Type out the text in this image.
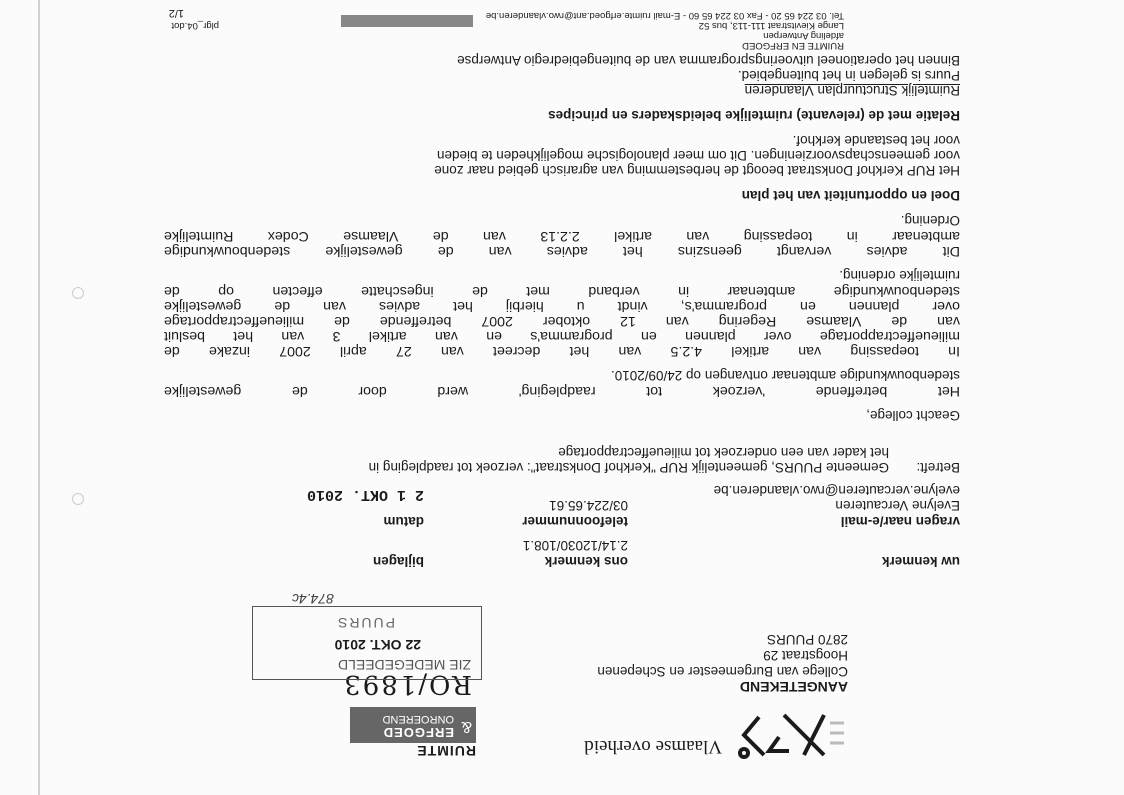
Vlaamse overheid
RUIMTE
&
ERFGOED
ONROEREND
RO/1893
ZIE MEDEGEDEELD
22 OKT. 2010
PUURS
874.4c
AANGETEKEND
College van Burgemeester en Schepenen
Hoogstraat 29
2870 PUURS
uw kenmerk
ons kenmerk
bijlagen
2.14/12030/108.1
vragen naar/e-mail
telefoonnummer
datum
Evelyne Vercauteren
03/224.65.61
evelyne.vercauteren@rwo.vlaanderen.be
2 1 OKT. 2010
Betreft:
Gemeente PUURS, gemeentelijk RUP "Kerkhof Donkstraat": verzoek tot raadpleging in
het kader van een onderzoek tot milieueffectrapportage
Geacht college,
Het betreffende 'verzoek tot raadpleging' werd door de gewestelijke
stedenbouwkundige ambtenaar ontvangen op 24/09/2010.
In toepassing van artikel 4.2.5 van het decreet van 27 april 2007 inzake de
milieueffectrapportage over plannen en programma's en van artikel 3 van het besluit
van de Vlaamse Regering van 12 oktober 2007 betreffende de milieueffectrapportage
over plannen en programma's, vindt u hierbij het advies van de gewestelijke
stedenbouwkundige ambtenaar in verband met de ingeschatte effecten op de
ruimtelijke ordening.
Dit advies vervangt geenszins het advies van de gewestelijke stedenbouwkundige
ambtenaar in toepassing van artikel 2.2.13 van de Vlaamse Codex Ruimtelijke
Ordening.
Doel en opportuniteit van het plan
Het RUP Kerkhof Donkstraat beoogt de herbestemming van agrarisch gebied naar zone
voor gemeenschapsvoorzieningen. Dit om meer planologische mogelijkheden te bieden
voor het bestaande kerkhof.
Relatie met de (relevante) ruimtelijke beleidskaders en principes
Ruimtelijk Structuurplan Vlaanderen
Puurs is gelegen in het buitengebied.
Binnen het operationeel uitvoeringsprogramma van de buitengebiedregio Antwerpse
RUIMTE EN ERFGOED
afdeling Antwerpen
Lange Kievitstraat 111-113, bus 52
Tel. 03 224 65 20 - Fax 03 224 65 60 - E-mail ruimte.erfgoed.ant@rwo.vlaanderen.be
plgr_04.dot
1/2
